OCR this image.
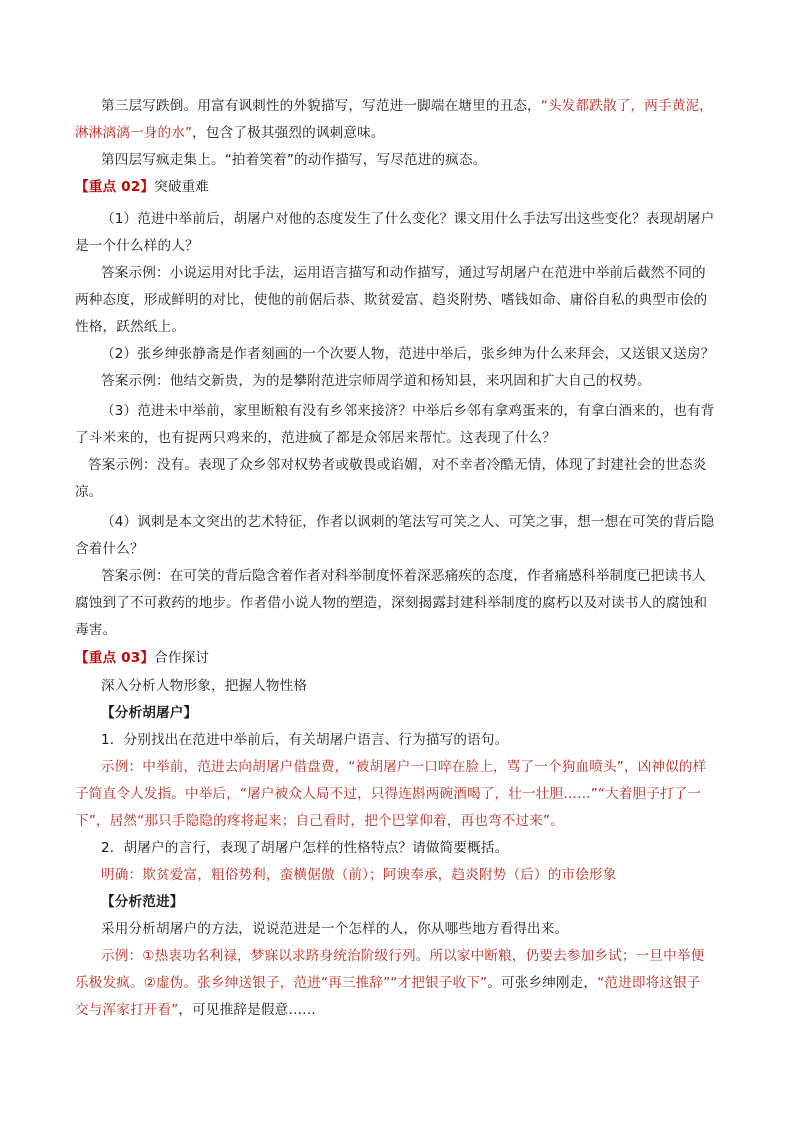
第三层写跌倒。用富有讽刺性的外貌描写，写范进一脚端在塘里的丑态，“头发都跌散了，两手黄泥，
淋淋漓漓一身的水”，包含了极其强烈的讽刺意味。
第四层写疯走集上。“拍着笑着”的动作描写，写尽范进的疯态。
【重点 02】突破重难
（1）范进中举前后，胡屠户对他的态度发生了什么变化？课文用什么手法写出这些变化？表现胡屠户
是一个什么样的人？
答案示例：小说运用对比手法，运用语言描写和动作描写，通过写胡屠户在范进中举前后截然不同的
两种态度，形成鲜明的对比，使他的前倨后恭、欺贫爱富、趋炎附势、嗜钱如命、庸俗自私的典型市侩的
性格，跃然纸上。
（2）张乡绅张静斋是作者刻画的一个次要人物，范进中举后，张乡绅为什么来拜会，又送银又送房？
答案示例：他结交新贵，为的是攀附范进宗师周学道和杨知县，来巩固和扩大自己的权势。
（3）范进未中举前，家里断粮有没有乡邻来接济？中举后乡邻有拿鸡蛋来的，有拿白酒来的，也有背
了斗米来的，也有捉两只鸡来的，范进疯了都是众邻居来帮忙。这表现了什么？
答案示例：没有。表现了众乡邻对权势者或敬畏或谄媚，对不幸者冷酷无情，体现了封建社会的世态炎
凉。
（4）讽刺是本文突出的艺术特征，作者以讽刺的笔法写可笑之人、可笑之事，想一想在可笑的背后隐
含着什么？
答案示例：在可笑的背后隐含着作者对科举制度怀着深恶痛疾的态度，作者痛感科举制度已把读书人
腐蚀到了不可救药的地步。作者借小说人物的塑造，深刻揭露封建科举制度的腐朽以及对读书人的腐蚀和
毒害。
【重点 03】合作探讨
深入分析人物形象，把握人物性格
【分析胡屠户】
1．分别找出在范进中举前后，有关胡屠户语言、行为描写的语句。
示例：中举前，范进去向胡屠户借盘费，“被胡屠户一口啐在脸上，骂了一个狗血喷头”，凶神似的样
子简直令人发指。中举后，“屠户被众人局不过，只得连斟两碗酒喝了，壮一壮胆……”“大着胆子打了一
下”，居然“那只手隐隐的疼将起来；自己看时，把个巴掌仰着，再也弯不过来”。
2．胡屠户的言行，表现了胡屠户怎样的性格特点？请做简要概括。
明确：欺贫爱富，粗俗势利，蛮横倨傲（前）；阿谀奉承，趋炎附势（后）的市侩形象
【分析范进】
采用分析胡屠户的方法，说说范进是一个怎样的人，你从哪些地方看得出来。
示例：①热衷功名利禄，梦寐以求跻身统治阶级行列。所以家中断粮，仍要去参加乡试；一旦中举便
乐极发疯。②虚伪。张乡绅送银子，范进“再三推辞”“才把银子收下”。可张乡绅刚走，“范进即将这银子
交与浑家打开看”，可见推辞是假意……
